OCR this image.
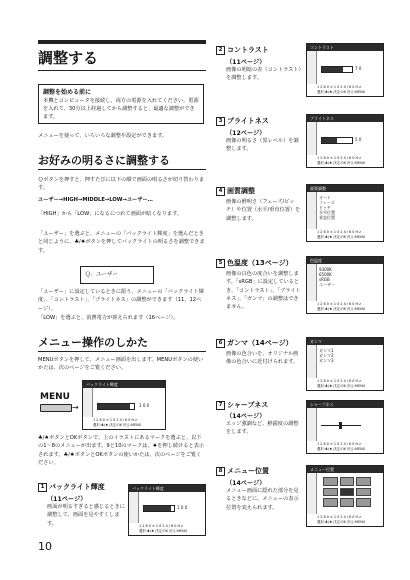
調整する
調整を始める前に
本機とコンピュータを接続し、両方の電源を入れてください。電源を入れて、30分以上経過してから調整すると、最適な調整ができます。
メニューを使って、いろいろな調整や設定ができます。
お好みの明るさに調整する
Ｑボタンを押すと、押すたびに以下の順で画面の明るさが切り替わります。
ユーザー→HIGH→MIDDLE→LOW→ユーザー…
「HIGH」から「LOW」になるにつれて画面が暗くなります。
「ユーザー」を選ぶと、メニューの「バックライト輝度」を選んだときと同じように、♣/♠ボタンを押してバックライトの明るさを調整できます。
Ｑ：ユーザー
「ユーザー」に設定しているときに限り、メニューの「バックライト輝度」、「コントラスト」、「ブライトネス」の調整ができます（11、12ページ）。
「LOW」を選ぶと、消費電力が抑えられます（16ページ）。
メニュー操作のしかた
MENUボタンを押して、メニュー画面を出します。MENUボタンの使いかたは、次のページをご覧ください。
MENU
→
バックライト輝度
1 0 0
1 2 8 0 × 1 0 2 4 / 6 0 H z
選択:♣/♠ 決定:OK 戻る:MENU
♣/♠ボタンとOKボタンで、上のイラストにあるマークを選ぶと、以下の1～8のメニューが出ます。9と10のマークは、♠を押し続けると表示されます。♣/♠ボタンとOKボタンの使いかたは、次のページをご覧ください。
1 バックライト輝度
（11ページ）
画面が明るすぎると感じるときに調整して、画面を見やすくします。
バックライト輝度
1 0 0
1 2 8 0 × 1 0 2 4 / 6 0 H z
選択:♣/♠ 決定:OK 戻る:MENU
10
2 コントラスト
（11ページ）
画像の明暗の差（コントラスト）を調整します。
コントラスト
7 0
1 2 8 0 × 1 0 2 4 / 6 0 H z
選択:♣/♠ 決定:OK 戻る:MENU
3 ブライトネス
（12ページ）
画像の明るさ（黒レベル）を調整します。
ブライトネス
5 0
1 2 8 0 × 1 0 2 4 / 6 0 H z
選択:♣/♠ 決定:OK 戻る:MENU
4 画質調整
画像の鮮明さ（フェーズ/ピッチ）や位置（水平/垂直位置）を調整します。
画質調整
オート
フェーズ
ピッチ
水平位置
垂直位置
1 2 8 0 × 1 0 2 4 / 6 0 H z
選択:♣/♠ 決定:OK 戻る:MENU
5 色温度（13ページ）
画像の白色の度合いを調整します。「sRGB」に設定しているとき、「コントラスト」、「ブライトネス」、「ガンマ」の調整はできません。
色温度
9300K
6500K
sRGB
ユーザー
1 2 8 0 × 1 0 2 4 / 6 0 H z
選択:♣/♠ 決定:OK 戻る:MENU
6 ガンマ（14ページ）
画像の色合いを、オリジナル画像の色合いに近付けられます。
ガンマ
ガンマ1
ガンマ2
ガンマ3
1 2 8 0 × 1 0 2 4 / 6 0 H z
選択:♣/♠ 決定:OK 戻る:MENU
7 シャープネス
（14ページ）
エッジ強調など、鮮鋭度の調整をします。
シャープネス
1 2 8 0 × 1 0 2 4 / 6 0 H z
選択:♣/♠ 決定:OK 戻る:MENU
8 メニュー位置
（14ページ）
メニュー画面に隠れた部分を見るときなどに、メニューの表示位置を変えられます。
メニュー位置
1 2 8 0 × 1 0 2 4 / 6 0 H z
選択:♣/♠ 決定:OK 戻る:MENU
